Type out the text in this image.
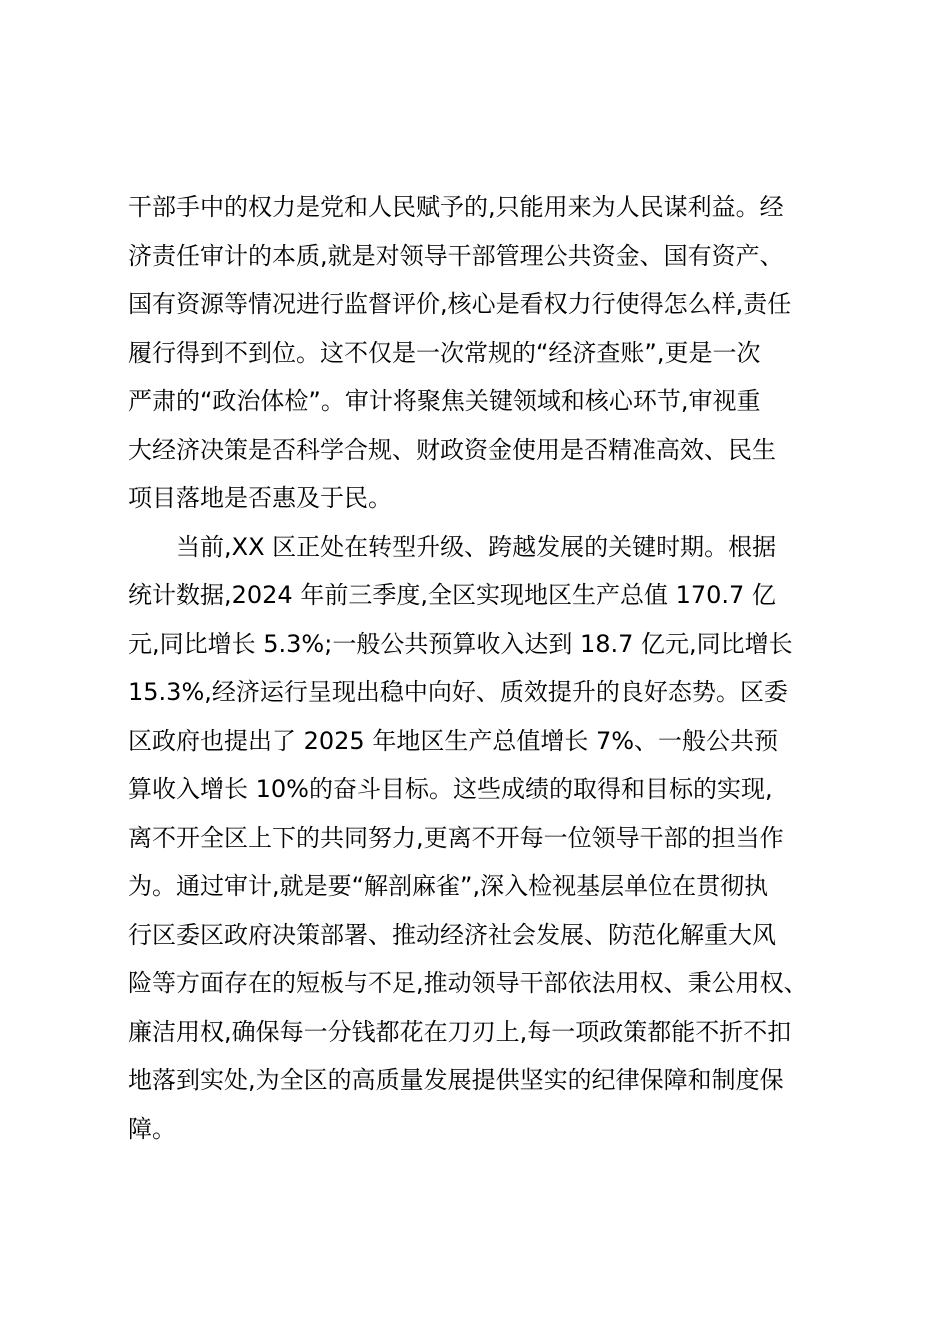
干部手中的权力是党和人民赋予的,只能用来为人民谋利益。经
济责任审计的本质,就是对领导干部管理公共资金、国有资产、
国有资源等情况进行监督评价,核心是看权力行使得怎么样,责任
履行得到不到位。这不仅是一次常规的“经济查账”,更是一次
严肃的“政治体检”。审计将聚焦关键领域和核心环节,审视重
大经济决策是否科学合规、财政资金使用是否精准高效、民生
项目落地是否惠及于民。
　　当前,XX 区正处在转型升级、跨越发展的关键时期。根据
统计数据,2024 年前三季度,全区实现地区生产总值 170.7 亿
元,同比增长 5.3%;一般公共预算收入达到 18.7 亿元,同比增长
15.3%,经济运行呈现出稳中向好、质效提升的良好态势。区委
区政府也提出了 2025 年地区生产总值增长 7%、一般公共预
算收入增长 10%的奋斗目标。这些成绩的取得和目标的实现,
离不开全区上下的共同努力,更离不开每一位领导干部的担当作
为。通过审计,就是要“解剖麻雀”,深入检视基层单位在贯彻执
行区委区政府决策部署、推动经济社会发展、防范化解重大风
险等方面存在的短板与不足,推动领导干部依法用权、秉公用权、
廉洁用权,确保每一分钱都花在刀刃上,每一项政策都能不折不扣
地落到实处,为全区的高质量发展提供坚实的纪律保障和制度保
障。
